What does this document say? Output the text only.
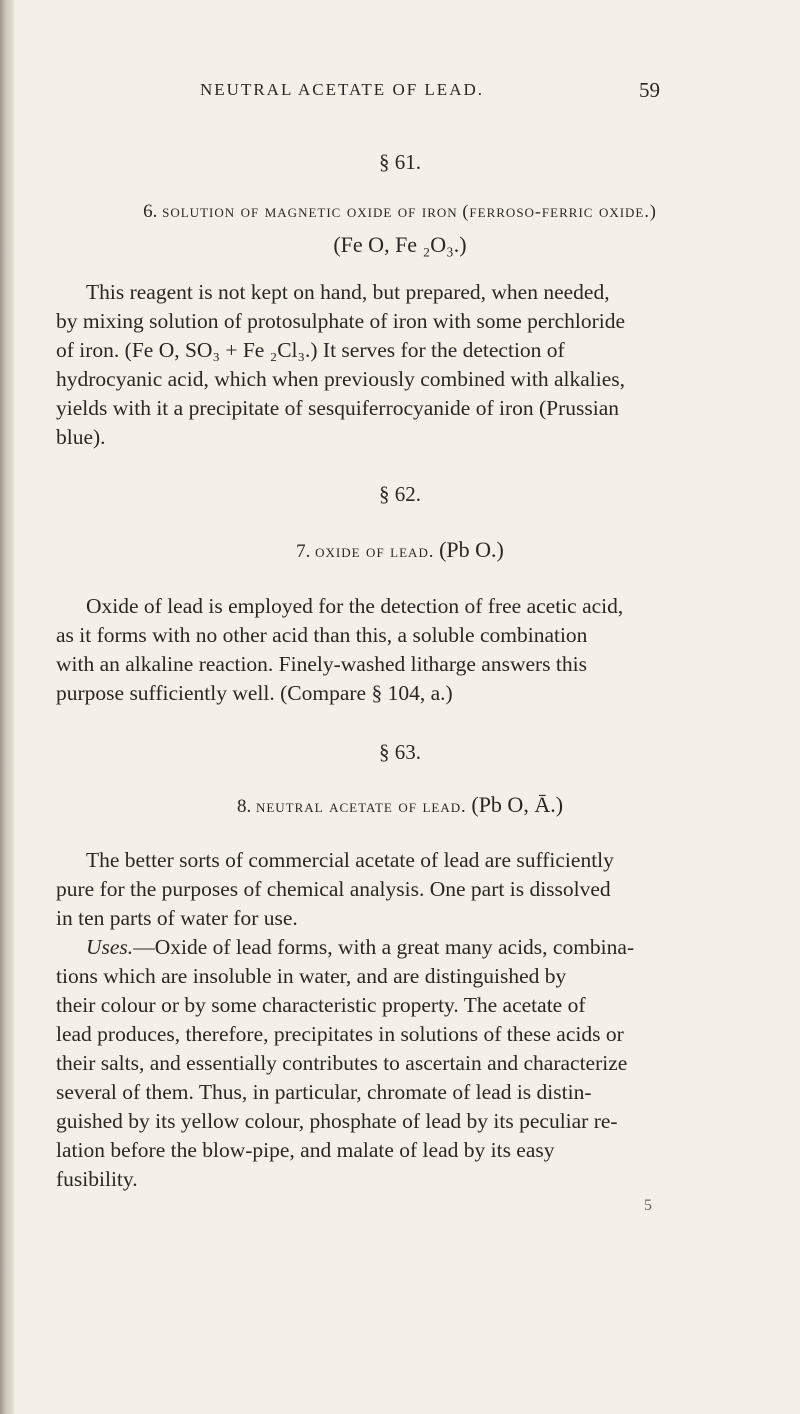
NEUTRAL ACETATE OF LEAD.	59
§ 61.
6. solution of magnetic oxide of iron (ferroso-ferric oxide.)
(Fe O, Fe ₂O₃.)
This reagent is not kept on hand, but prepared, when needed,
by mixing solution of protosulphate of iron with some perchloride
of iron. (Fe O, SO₃ + Fe ₂Cl₃.) It serves for the detection of
hydrocyanic acid, which when previously combined with alkalies,
yields with it a precipitate of sesquiferrocyanide of iron (Prussian
blue).
§ 62.
7. oxide of lead. (Pb O.)
Oxide of lead is employed for the detection of free acetic acid,
as it forms with no other acid than this, a soluble combination
with an alkaline reaction. Finely-washed litharge answers this
purpose sufficiently well. (Compare § 104, a.)
§ 63.
8. neutral acetate of lead. (Pb O, Ā.)
The better sorts of commercial acetate of lead are sufficiently
pure for the purposes of chemical analysis. One part is dissolved
in ten parts of water for use.
Uses.—Oxide of lead forms, with a great many acids, combina-
tions which are insoluble in water, and are distinguished by
their colour or by some characteristic property. The acetate of
lead produces, therefore, precipitates in solutions of these acids or
their salts, and essentially contributes to ascertain and characterize
several of them. Thus, in particular, chromate of lead is distin-
guished by its yellow colour, phosphate of lead by its peculiar re-
lation before the blow-pipe, and malate of lead by its easy
fusibility.
5
